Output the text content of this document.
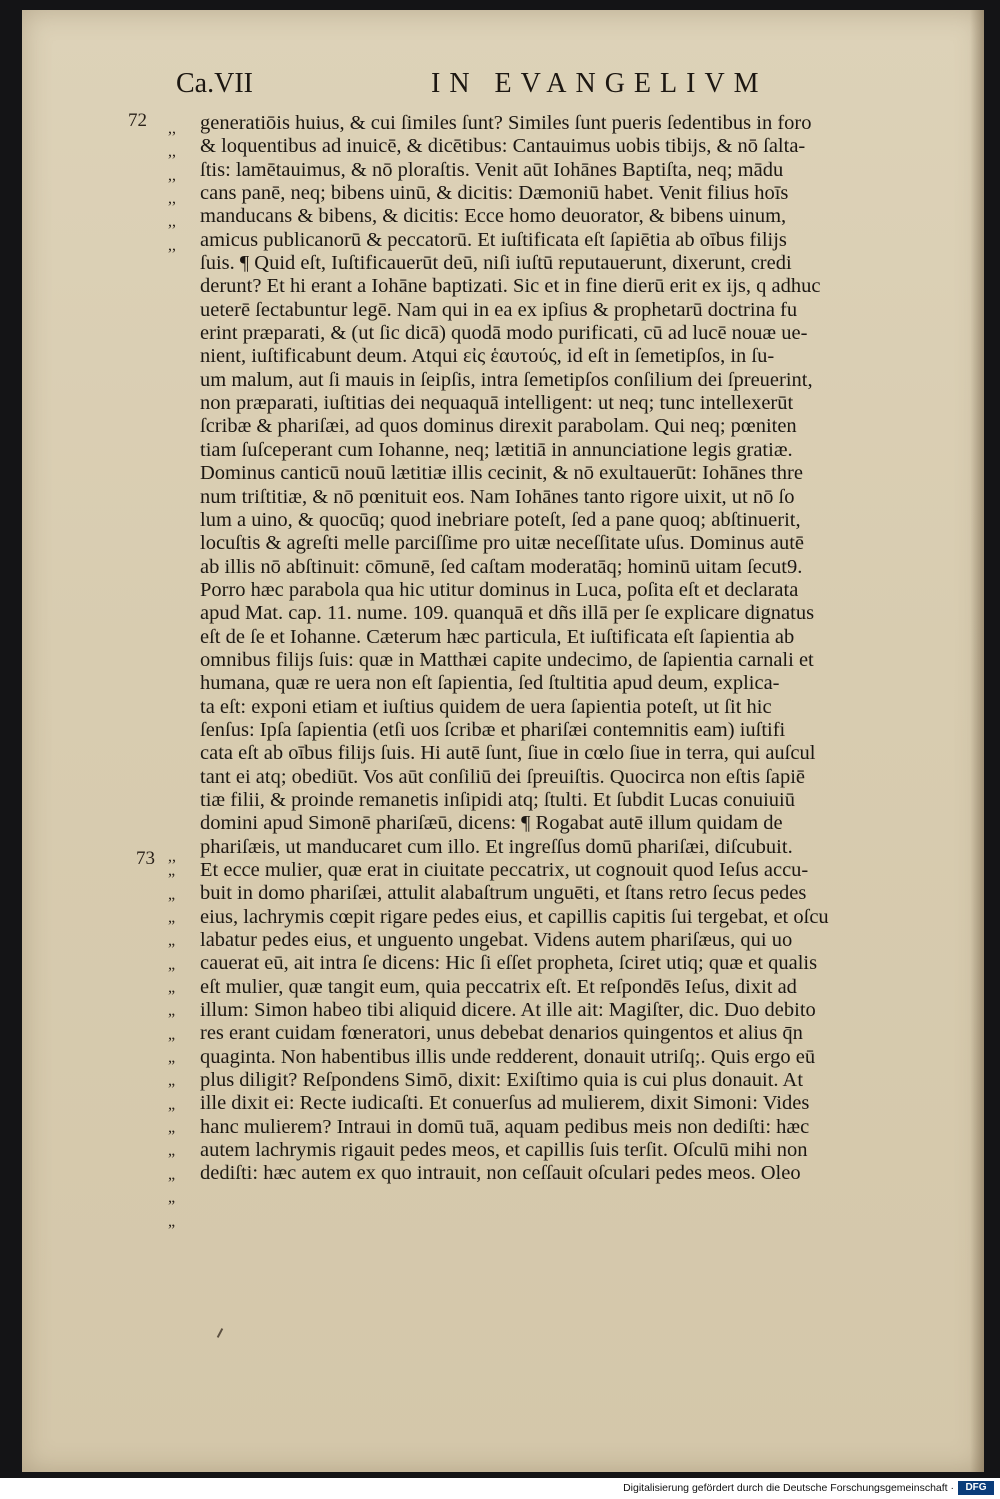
Ca.VII	IN EVANGELIVM
72
73
,,
,,
,,
,,
,,
,,
,,
”
”
”
”
”
”
”
”
”
”
”
”
”
”
”
”
generatiōis huius, & cui ſimiles ſunt? Similes ſunt pueris ſedentibus in foro
& loquentibus ad inuicē, & dicētibus: Cantauimus uobis tibijs, & nō ſalta-
ſtis: lamētauimus, & nō ploraſtis. Venit aūt Iohānes Baptiſta, neq; mādu
cans panē, neq; bibens uinū, & dicitis: Dæmoniū habet. Venit filius hoīs
manducans & bibens, & dicitis: Ecce homo deuorator, & bibens uinum,
amicus publicanorū & peccatorū. Et iuſtificata eſt ſapiētia ab oībus filijs
ſuis. ¶ Quid eſt, Iuſtificauerūt deū, niſi iuſtū reputauerunt, dixerunt, credi
derunt? Et hi erant a Iohāne baptizati. Sic et in fine dierū erit ex ijs, q adhuc
ueterē ſectabuntur legē. Nam qui in ea ex ipſius & prophetarū doctrina fu
erint præparati, & (ut ſic dicā) quodā modo purificati, cū ad lucē nouæ ue-
nient, iuſtificabunt deum. Atqui εἰς ἑαυτούς, id eſt in ſemetipſos, in ſu-
um malum, aut ſi mauis in ſeipſis, intra ſemetipſos conſilium dei ſpreuerint,
non præparati, iuſtitias dei nequaquā intelligent: ut neq; tunc intellexerūt
ſcribæ & phariſæi, ad quos dominus direxit parabolam. Qui neq; pœniten
tiam ſuſceperant cum Iohanne, neq; lætitiā in annunciatione legis gratiæ.
Dominus canticū nouū lætitiæ illis cecinit, & nō exultauerūt: Iohānes thre
num triſtitiæ, & nō pœnituit eos. Nam Iohānes tanto rigore uixit, ut nō ſo
lum a uino, & quocūq; quod inebriare poteſt, ſed a pane quoq; abſtinuerit,
locuſtis & agreſti melle parciſſime pro uitæ neceſſitate uſus. Dominus autē
ab illis nō abſtinuit: cōmunē, ſed caſtam moderatāq; hominū uitam ſecut9.
Porro hæc parabola qua hic utitur dominus in Luca, poſita eſt et declarata
apud Mat. cap. 11. nume. 109. quanquā et dñs illā per ſe explicare dignatus
eſt de ſe et Iohanne. Cæterum hæc particula, Et iuſtificata eſt ſapientia ab
omnibus filijs ſuis: quæ in Matthæi capite undecimo, de ſapientia carnali et
humana, quæ re uera non eſt ſapientia, ſed ſtultitia apud deum, explica-
ta eſt: exponi etiam et iuſtius quidem de uera ſapientia poteſt, ut ſit hic
ſenſus: Ipſa ſapientia (etſi uos ſcribæ et phariſæi contemnitis eam) iuſtifi
cata eſt ab oībus filijs ſuis. Hi autē ſunt, ſiue in cœlo ſiue in terra, qui auſcul
tant ei atq; obediūt. Vos aūt conſiliū dei ſpreuiſtis. Quocirca non eſtis ſapiē
tiæ filii, & proinde remanetis inſipidi atq; ſtulti. Et ſubdit Lucas conuiuiū
domini apud Simonē phariſæū, dicens: ¶ Rogabat autē illum quidam de
phariſæis, ut manducaret cum illo. Et ingreſſus domū phariſæi, diſcubuit.
Et ecce mulier, quæ erat in ciuitate peccatrix, ut cognouit quod Ieſus accu-
buit in domo phariſæi, attulit alabaſtrum unguēti, et ſtans retro ſecus pedes
eius, lachrymis cœpit rigare pedes eius, et capillis capitis ſui tergebat, et oſcu
labatur pedes eius, et unguento ungebat. Videns autem phariſæus, qui uo
cauerat eū, ait intra ſe dicens: Hic ſi eſſet propheta, ſciret utiq; quæ et qualis
eſt mulier, quæ tangit eum, quia peccatrix eſt. Et reſpondēs Ieſus, dixit ad
illum: Simon habeo tibi aliquid dicere. At ille ait: Magiſter, dic. Duo debito
res erant cuidam fœneratori, unus debebat denarios quingentos et alius q̄n
quaginta. Non habentibus illis unde redderent, donauit utriſq;. Quis ergo eū
plus diligit? Reſpondens Simō, dixit: Exiſtimo quia is cui plus donauit. At
ille dixit ei: Recte iudicaſti. Et conuerſus ad mulierem, dixit Simoni: Vides
hanc mulierem? Intraui in domū tuā, aquam pedibus meis non dediſti: hæc
autem lachrymis rigauit pedes meos, et capillis ſuis terſit. Oſculū mihi non
dediſti: hæc autem ex quo intrauit, non ceſſauit oſculari pedes meos. Oleo
Digitalisierung gefördert durch die Deutsche Forschungsgemeinschaft ·	DFG
